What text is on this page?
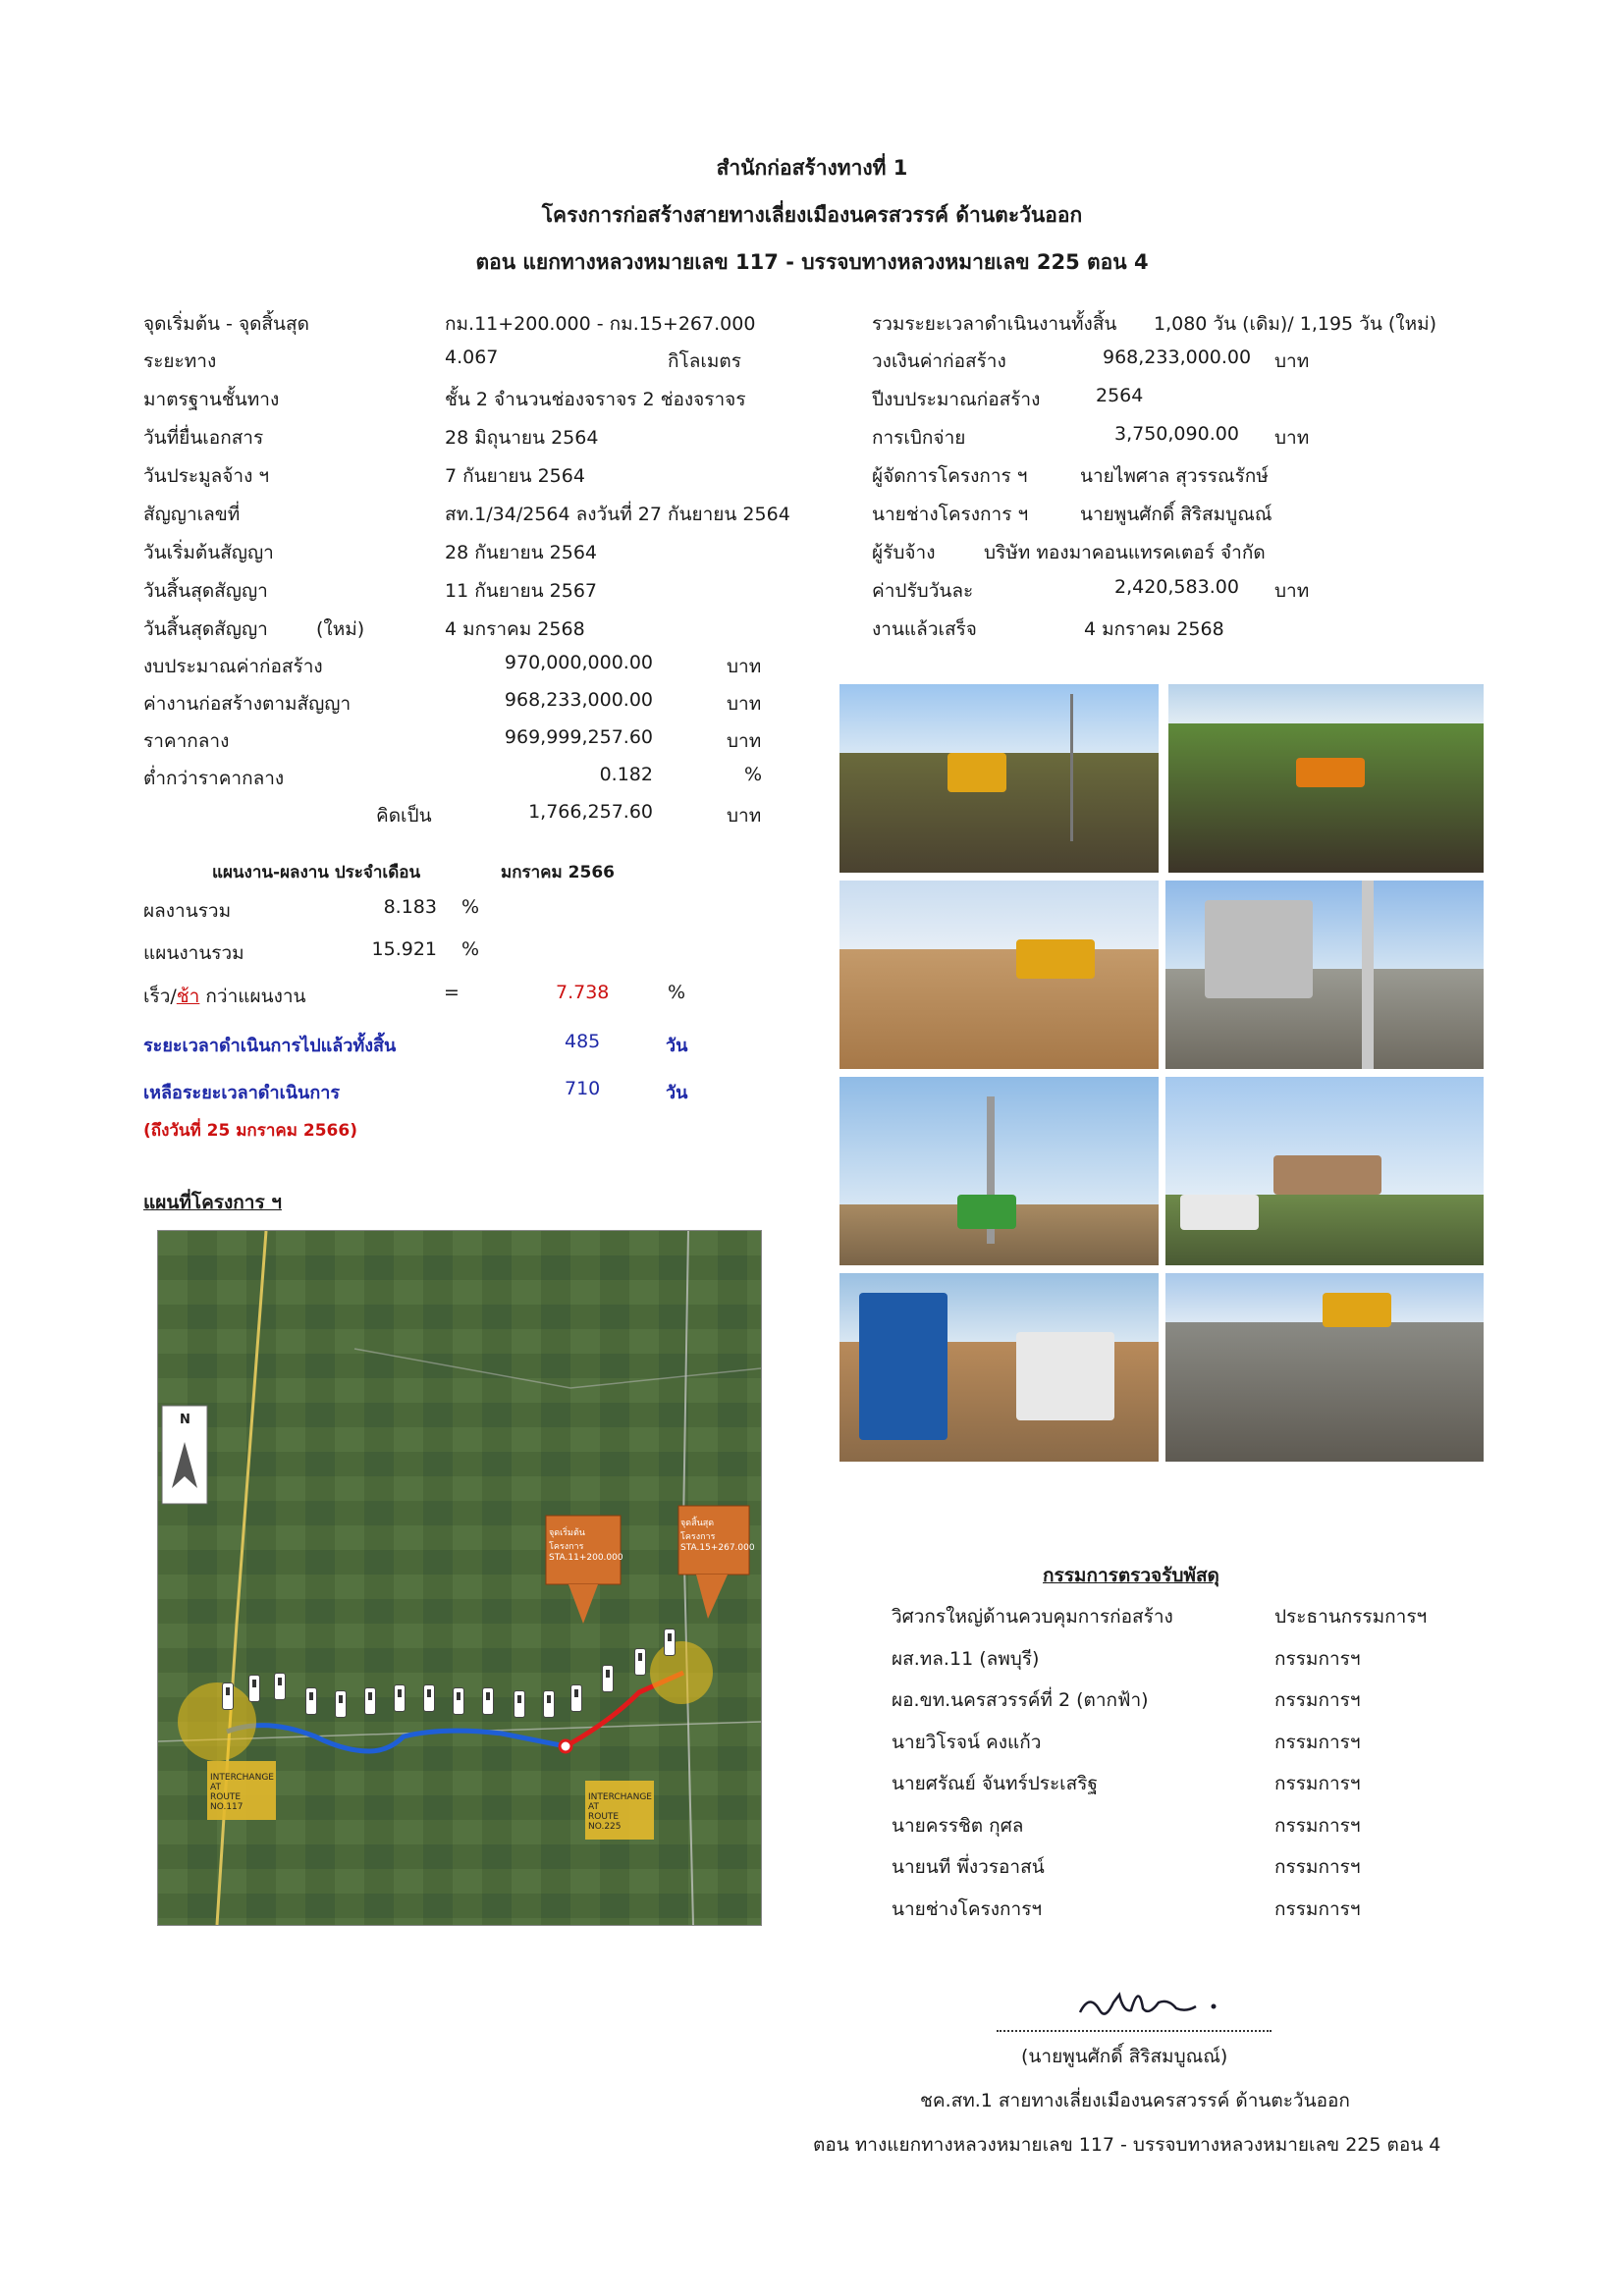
สำนักก่อสร้างทางที่ 1
โครงการก่อสร้างสายทางเลี่ยงเมืองนครสวรรค์ ด้านตะวันออก
ตอน แยกทางหลวงหมายเลข 117 - บรรจบทางหลวงหมายเลข 225 ตอน 4
จุดเริ่มต้น - จุดสิ้นสุด	กม.11+200.000 - กม.15+267.000
ระยะทาง	4.067	กิโลเมตร
มาตรฐานชั้นทาง	ชั้น 2 จำนวนช่องจราจร 2 ช่องจราจร
วันที่ยื่นเอกสาร	28 มิถุนายน 2564
วันประมูลจ้าง ฯ	7 กันยายน 2564
สัญญาเลขที่	สท.1/34/2564 ลงวันที่ 27 กันยายน 2564
วันเริ่มต้นสัญญา	28 กันยายน 2564
วันสิ้นสุดสัญญา	11 กันยายน 2567
วันสิ้นสุดสัญญา	(ใหม่)	4 มกราคม 2568
รวมระยะเวลาดำเนินงานทั้งสิ้น 1,080 วัน (เดิม)/ 1,195 วัน (ใหม่)
วงเงินค่าก่อสร้าง	968,233,000.00 บาท
ปีงบประมาณก่อสร้าง	2564
การเบิกจ่าย	3,750,090.00 บาท
ผู้จัดการโครงการ ฯ	นายไพศาล สุวรรณรักษ์
นายช่างโครงการ ฯ	นายพูนศักดิ์ สิริสมบูณณ์
ผู้รับจ้าง	บริษัท ทองมาคอนแทรคเตอร์ จำกัด
ค่าปรับวันละ	2,420,583.00 บาท
งานแล้วเสร็จ	4 มกราคม 2568
งบประมาณค่าก่อสร้าง	970,000,000.00	บาท
ค่างานก่อสร้างตามสัญญา	968,233,000.00	บาท
ราคากลาง	969,999,257.60	บาท
ต่ำกว่าราคากลาง	0.182	%
คิดเป็น	1,766,257.60	บาท
แผนงาน-ผลงาน ประจำเดือน	มกราคม 2566
ผลงานรวม	8.183 %
แผนงานรวม	15.921 %
เร็ว/ช้า กว่าแผนงาน	=	7.738	%
ระยะเวลาดำเนินการไปแล้วทั้งสิ้น	485	วัน
เหลือระยะเวลาดำเนินการ	710	วัน
(ถึงวันที่ 25 มกราคม 2566)
แผนที่โครงการ ฯ
N
จุดเริ่มต้นโครงการ
STA.11+200.000
จุดสิ้นสุดโครงการ
STA.15+267.000
INTERCHANGE AT
ROUTE NO.117
INTERCHANGE AT
ROUTE NO.225
กรรมการตรวจรับพัสดุ
วิศวกรใหญ่ด้านควบคุมการก่อสร้าง	ประธานกรรมการฯ
ผส.ทล.11 (ลพบุรี)	กรรมการฯ
ผอ.ขท.นครสวรรค์ที่ 2 (ตากฟ้า)	กรรมการฯ
นายวิโรจน์ คงแก้ว	กรรมการฯ
นายศรัณย์ จันทร์ประเสริฐ	กรรมการฯ
นายครรชิต กุศล	กรรมการฯ
นายนที พึ่งวรอาสน์	กรรมการฯ
นายช่างโครงการฯ	กรรมการฯ
(นายพูนศักดิ์ สิริสมบูณณ์)
ชค.สท.1 สายทางเลี่ยงเมืองนครสวรรค์ ด้านตะวันออก
ตอน ทางแยกทางหลวงหมายเลข 117 - บรรจบทางหลวงหมายเลข 225 ตอน 4
